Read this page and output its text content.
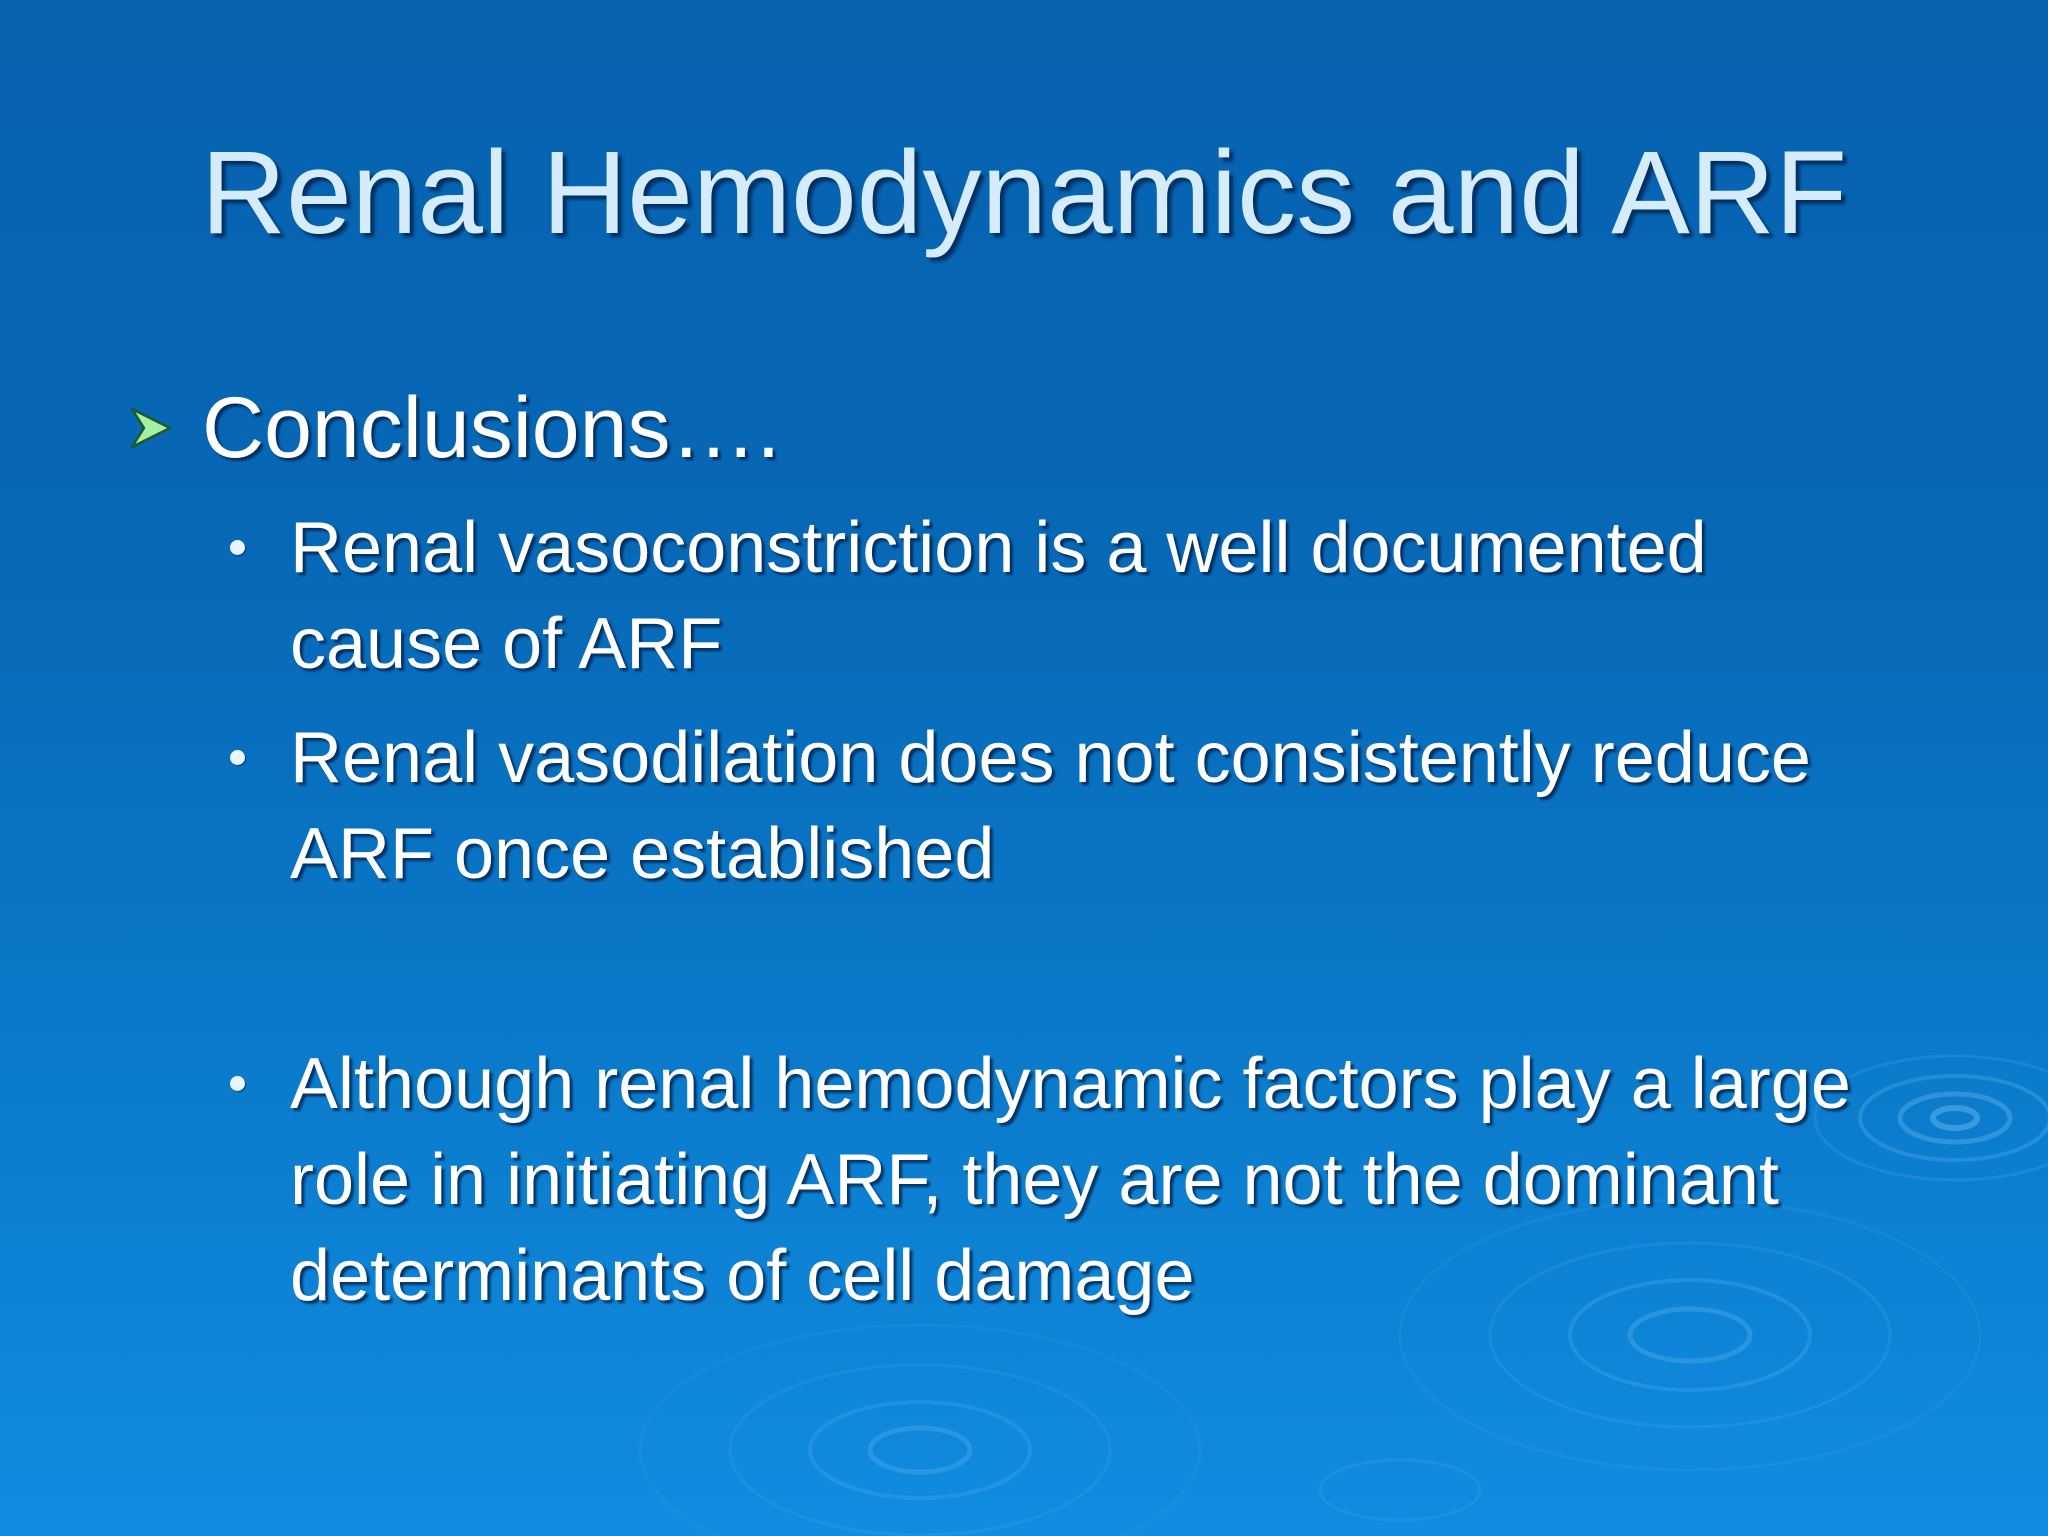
Renal Hemodynamics and ARF
Conclusions….
Renal vasoconstriction is a well documented cause of ARF
Renal vasodilation does not consistently reduce ARF once established
Although renal hemodynamic factors play a large role in initiating ARF, they are not the dominant determinants of cell damage
